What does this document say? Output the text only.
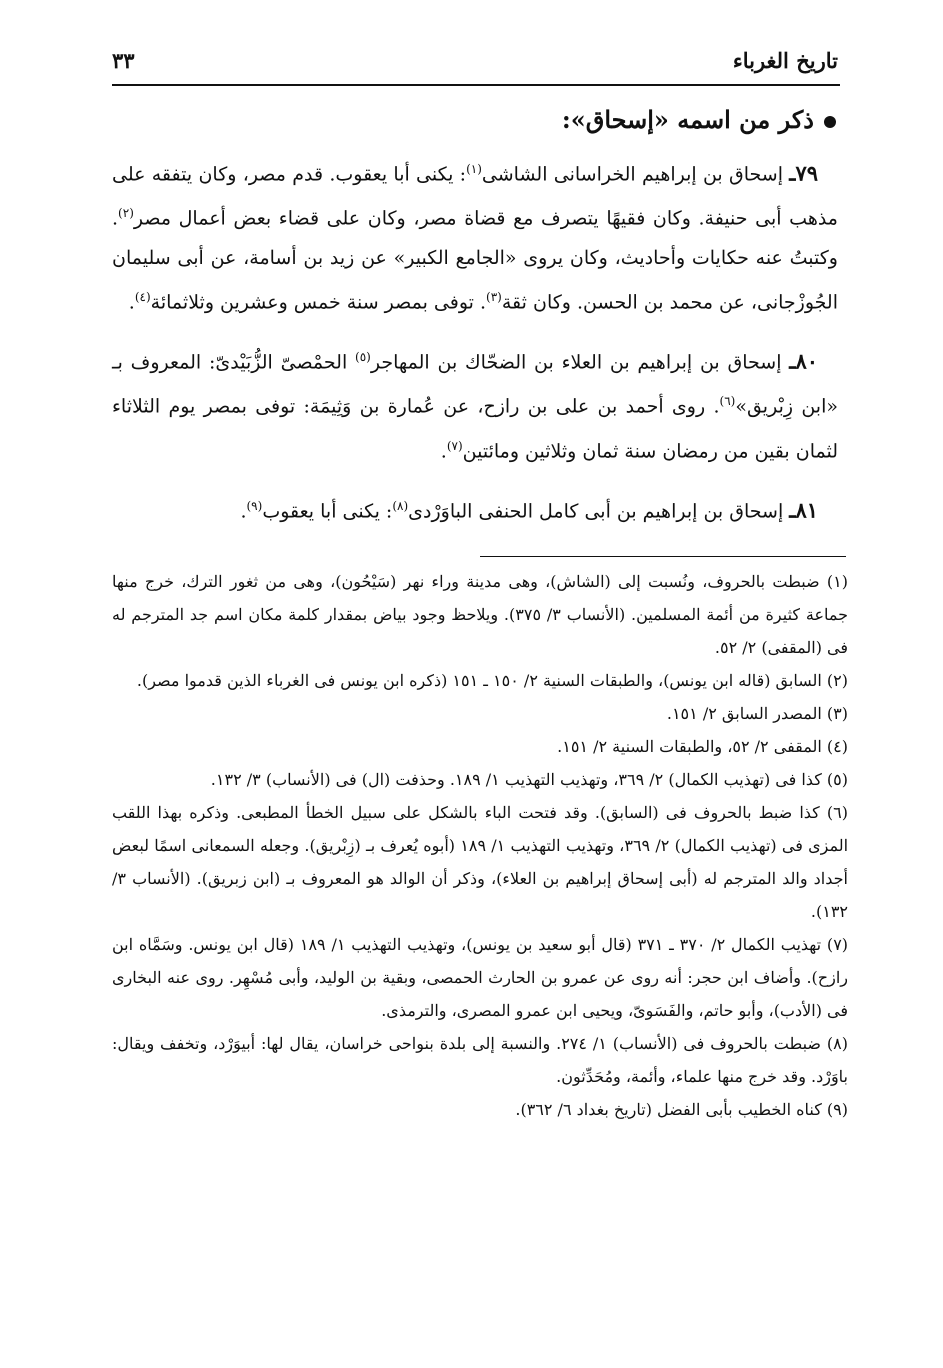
تاريخ الغرباء
٣٣
ذكر من اسمه «إسحاق»:

٧٩ـ إسحاق بن إبراهيم الخراسانى الشاشى$^{(١)}$: يكنى أبا يعقوب. قدم مصر، وكان يتفقه على مذهب أبى حنيفة. وكان فقيهًا يتصرف مع قضاة مصر، وكان على قضاء بعض أعمال مصر$^{(٢)}$. وكتبتُ عنه حكايات وأحاديث، وكان يروى «الجامع الكبير» عن زيد بن أسامة، عن أبى سليمان الجُوزْجانى، عن محمد بن الحسن. وكان ثقة$^{(٣)}$. توفى بمصر سنة خمس وعشرين وثلاثمائة$^{(٤)}$.

٨٠ـ إسحاق بن إبراهيم بن العلاء بن الضحّاك بن المهاجر$^{(٥)}$ الحمْصىّ الزُّبَيْدىّ: المعروف بـ «ابن زِبْريق»$^{(٦)}$. روى أحمد بن على بن رازح، عن عُمارة بن وَثِيمَة: توفى بمصر يوم الثلاثاء لثمان بقين من رمضان سنة ثمان وثلاثين ومائتين$^{(٧)}$.

٨١ـ إسحاق بن إبراهيم بن أبى كامل الحنفى الباوَرْدى$^{(٨)}$: يكنى أبا يعقوب$^{(٩)}$.

(١) ضبطت بالحروف، ونُسبت إلى (الشاش)، وهى مدينة وراء نهر (سَيْحُون)، وهى من ثغور الترك، خرج منها جماعة كثيرة من أئمة المسلمين. (الأنساب ٣/ ٣٧٥). ويلاحظ وجود بياض بمقدار كلمة مكان اسم جد المترجم له فى (المقفى) ٢/ ٥٢.

(٢) السابق (قاله ابن يونس)، والطبقات السنية ٢/ ١٥٠ ـ ١٥١ (ذكره ابن يونس فى الغرباء الذين قدموا مصر).

(٣) المصدر السابق ٢/ ١٥١.

(٤) المقفى ٢/ ٥٢، والطبقات السنية ٢/ ١٥١.

(٥) كذا فى (تهذيب الكمال) ٢/ ٣٦٩، وتهذيب التهذيب ١/ ١٨٩. وحذفت (ال) فى (الأنساب) ٣/ ١٣٢.

(٦) كذا ضبط بالحروف فى (السابق). وقد فتحت الباء بالشكل على سبيل الخطأ المطبعى. وذكره بهذا اللقب المزى فى (تهذيب الكمال) ٢/ ٣٦٩، وتهذيب التهذيب ١/ ١٨٩ (أبوه يُعرف بـ (زِبْريق). وجعله السمعانى اسمًا لبعض أجداد والد المترجم له (أبى إسحاق إبراهيم بن العلاء)، وذكر أن الوالد هو المعروف بـ (ابن زبريق). (الأنساب ٣/ ١٣٢).

(٧) تهذيب الكمال ٢/ ٣٧٠ ـ ٣٧١ (قال أبو سعيد بن يونس)، وتهذيب التهذيب ١/ ١٨٩ (قال ابن يونس. وسَمَّاه ابن رازح). وأضاف ابن حجر: أنه روى عن عمرو بن الحارث الحمصى، وبقية بن الوليد، وأبى مُسْهِر. روى عنه البخارى فى (الأدب)، وأبو حاتم، والفَسَوىّ، ويحيى ابن عمرو المصرى، والترمذى.

(٨) ضبطت بالحروف فى (الأنساب) ١/ ٢٧٤. والنسبة إلى بلدة بنواحى خراسان، يقال لها: أبيوَرْد، وتخفف ويقال: باوَرْد. وقد خرج منها علماء، وأئمة، ومُحَدِّثون.

(٩) كناه الخطيب بأبى الفضل (تاريخ بغداد ٦/ ٣٦٢).
